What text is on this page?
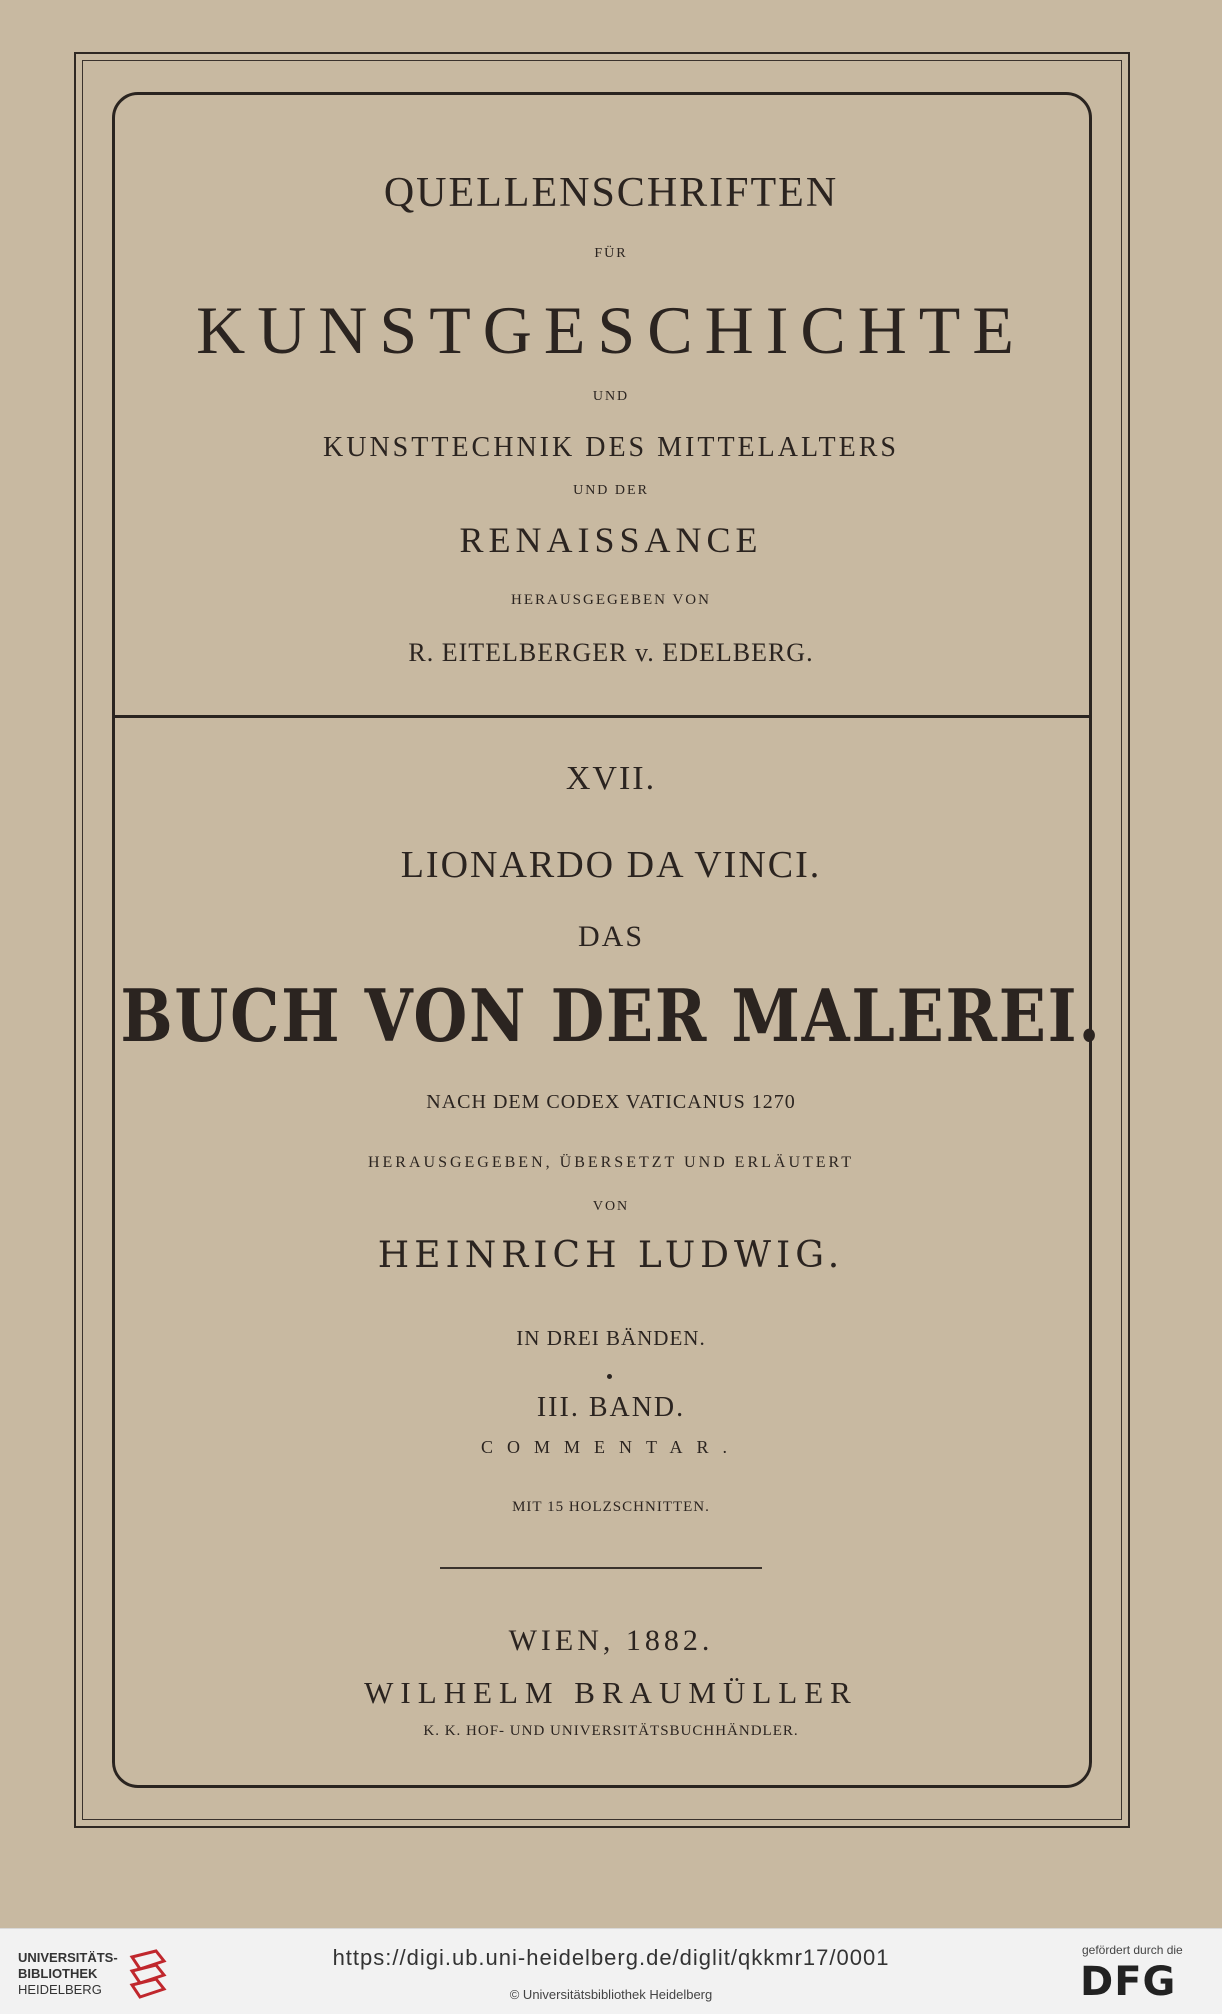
QUELLENSCHRIFTEN
FÜR
KUNSTGESCHICHTE
UND
KUNSTTECHNIK DES MITTELALTERS
UND DER
RENAISSANCE
HERAUSGEGEBEN VON
R. EITELBERGER v. EDELBERG.
XVII.
LIONARDO DA VINCI.
DAS
BUCH VON DER MALEREI.
NACH DEM CODEX VATICANUS 1270
HERAUSGEGEBEN, ÜBERSETZT UND ERLÄUTERT
VON
HEINRICH LUDWIG.
IN DREI BÄNDEN.
III. BAND.
COMMENTAR.
MIT 15 HOLZSCHNITTEN.
WIEN, 1882.
WILHELM BRAUMÜLLER
K. K. HOF- UND UNIVERSITÄTSBUCHHÄNDLER.
UNIVERSITÄTS-
BIBLIOTHEK
HEIDELBERG
https://digi.ub.uni-heidelberg.de/diglit/qkkmr17/0001
© Universitätsbibliothek Heidelberg
gefördert durch die
DFG
